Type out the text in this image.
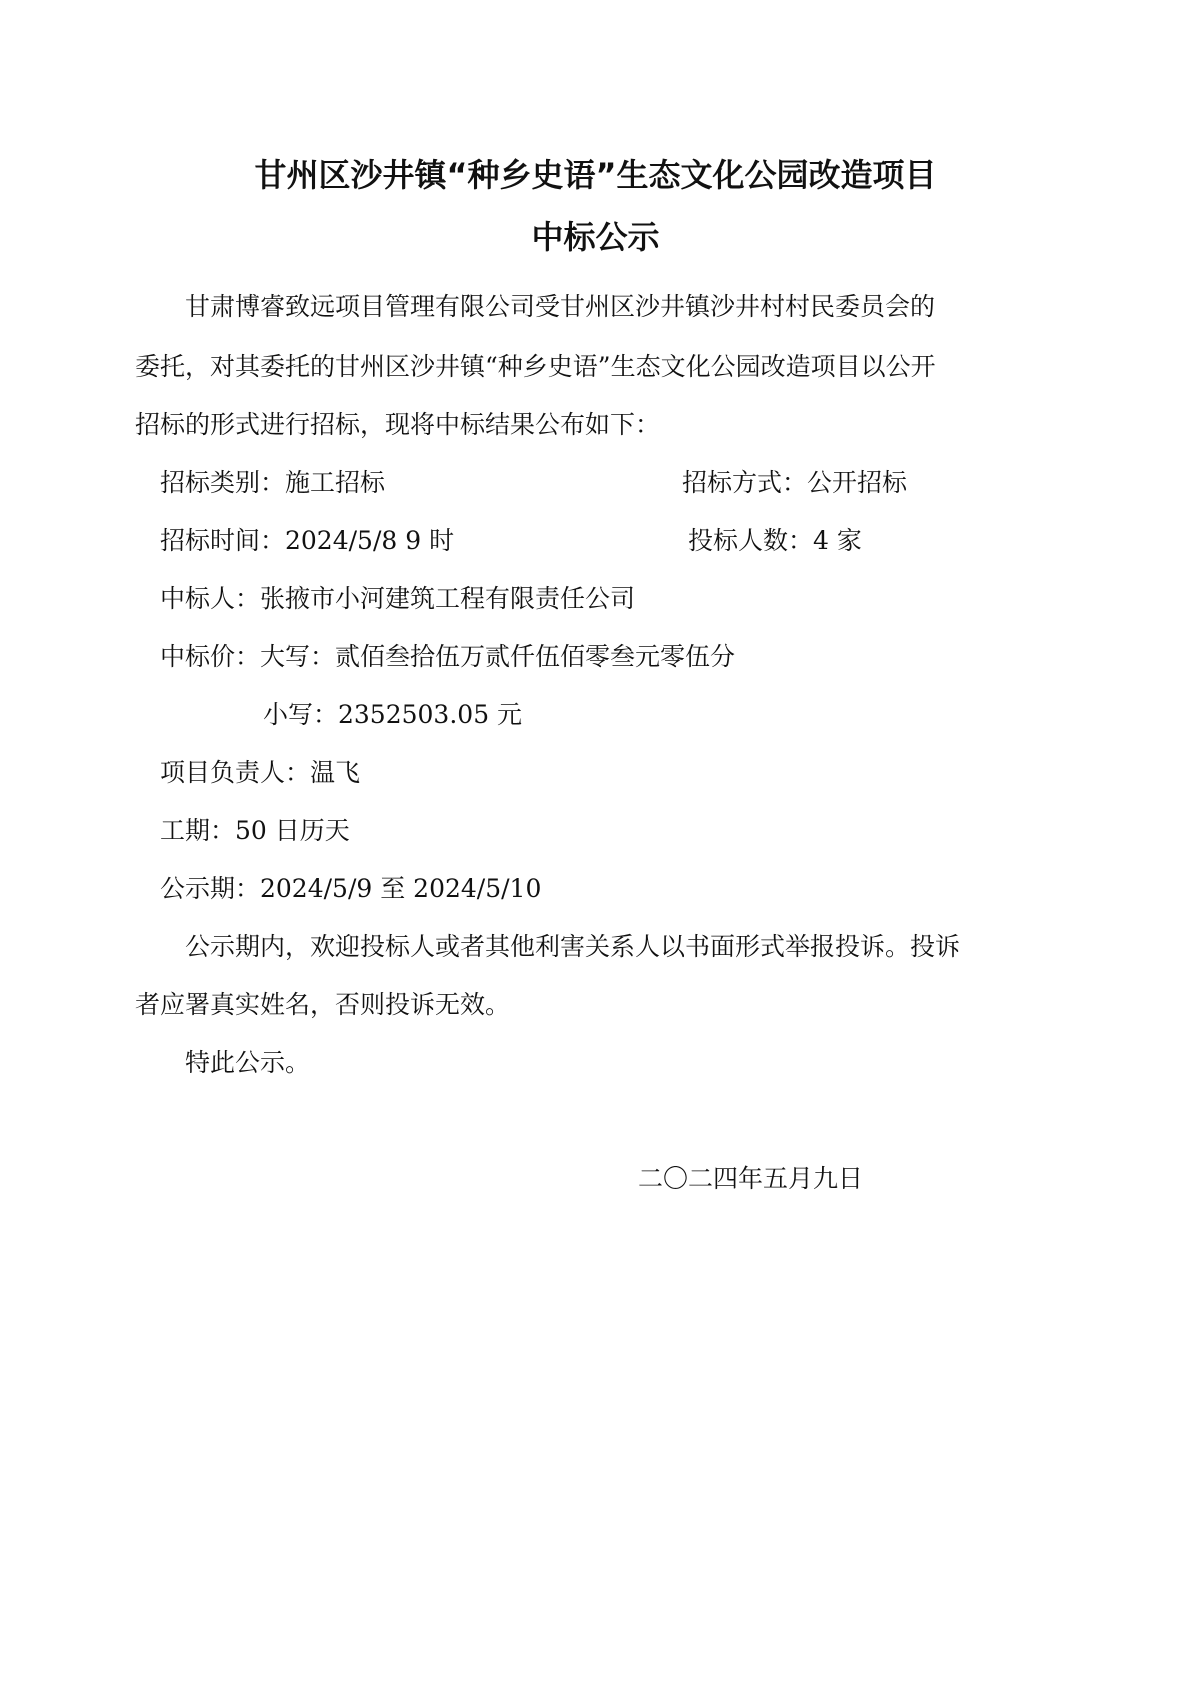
甘州区沙井镇“种乡史语”生态文化公园改造项目
中标公示
甘肃博睿致远项目管理有限公司受甘州区沙井镇沙井村村民委员会的
委托，对其委托的甘州区沙井镇“种乡史语”生态文化公园改造项目以公开
招标的形式进行招标，现将中标结果公布如下：
招标类别：施工招标	招标方式：公开招标
招标时间：2024/5/8 9 时	投标人数：4 家
中标人：张掖市小河建筑工程有限责任公司
中标价：大写：贰佰叁拾伍万贰仟伍佰零叁元零伍分
小写：2352503.05 元
项目负责人：温飞
工期：50 日历天
公示期：2024/5/9 至 2024/5/10
公示期内，欢迎投标人或者其他利害关系人以书面形式举报投诉。投诉
者应署真实姓名，否则投诉无效。
特此公示。
二〇二四年五月九日
